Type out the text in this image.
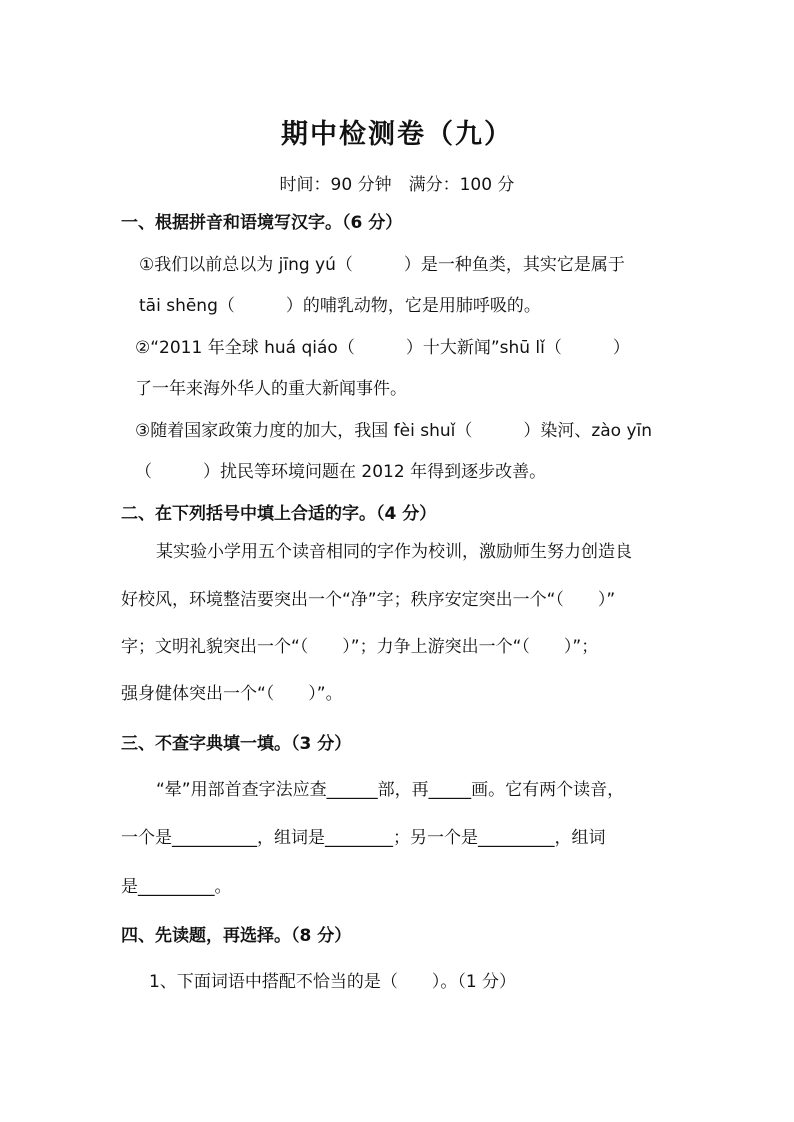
期中检测卷（九）
时间：90 分钟　满分：100 分
一、根据拼音和语境写汉字。（6 分）
①我们以前总以为 jīng yú（　　　）是一种鱼类，其实它是属于
tāi shēng（　　　）的哺乳动物，它是用肺呼吸的。
②“2011 年全球 huá qiáo（　　　）十大新闻”shū lǐ（　　　）
了一年来海外华人的重大新闻事件。
③随着国家政策力度的加大，我国 fèi shuǐ（　　　）染河、zào yīn
（　　　）扰民等环境问题在 2012 年得到逐步改善。
二、在下列括号中填上合适的字。（4 分）
某实验小学用五个读音相同的字作为校训，激励师生努力创造良
好校风，环境整洁要突出一个“净”字；秩序安定突出一个“（　　）”
字；文明礼貌突出一个“（　　）”；力争上游突出一个“（　　）”；
强身健体突出一个“（　　）”。
三、不查字典填一填。（3 分）
“晕”用部首查字法应查______部，再_____画。它有两个读音，
一个是__________，组词是________；另一个是_________，组词
是_________。
四、先读题，再选择。（8 分）
1、下面词语中搭配不恰当的是（　　）。（1 分）
